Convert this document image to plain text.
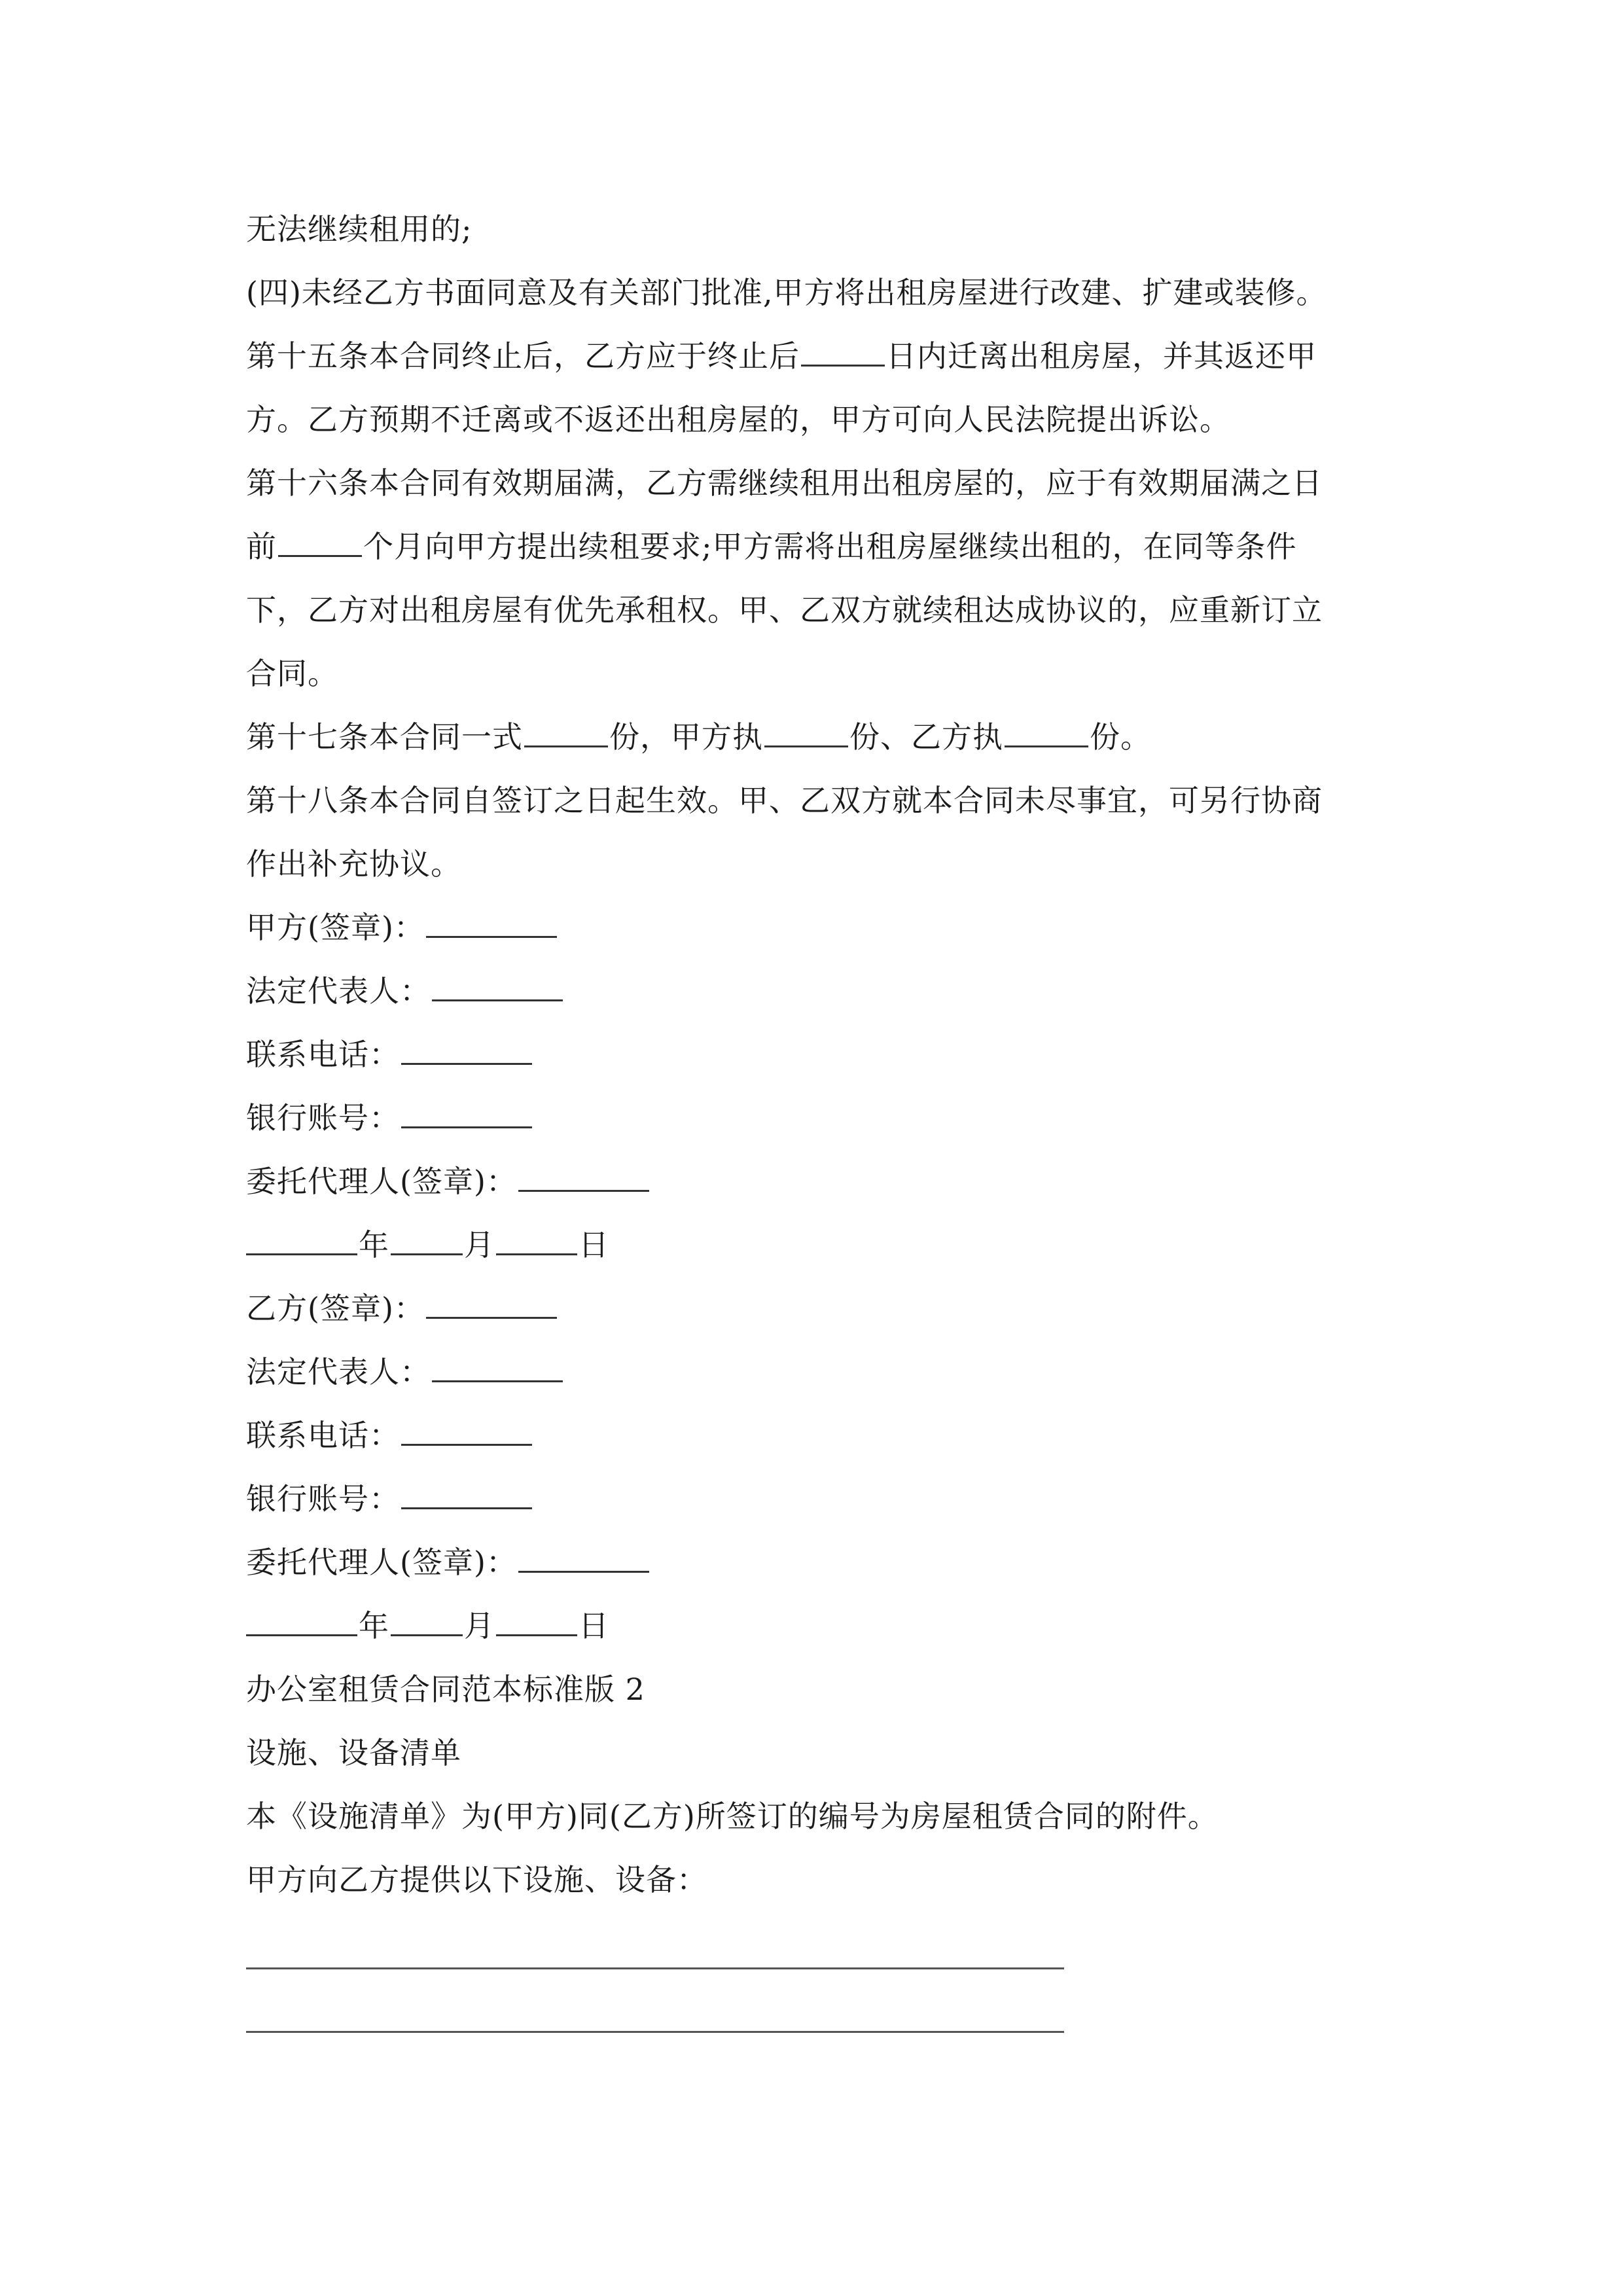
无法继续租用的;
(四)未经乙方书面同意及有关部门批准,甲方将出租房屋进行改建、扩建或装修。
第十五条本合同终止后，乙方应于终止后	日内迁离出租房屋，并其返还甲
方。乙方预期不迁离或不返还出租房屋的，甲方可向人民法院提出诉讼。
第十六条本合同有效期届满，乙方需继续租用出租房屋的，应于有效期届满之日
前	个月向甲方提出续租要求;甲方需将出租房屋继续出租的，在同等条件
下，乙方对出租房屋有优先承租权。甲、乙双方就续租达成协议的，应重新订立
合同。
第十七条本合同一式	份，甲方执	份、乙方执	份。
第十八条本合同自签订之日起生效。甲、乙双方就本合同未尽事宜，可另行协商
作出补充协议。
甲方(签章)：
法定代表人：
联系电话：
银行账号：
委托代理人(签章)：
年 月	日
乙方(签章)：
法定代表人：
联系电话：
银行账号：
委托代理人(签章)：
年 月	日
办公室租赁合同范本标准版 2
设施、设备清单
本《设施清单》为(甲方)同(乙方)所签订的编号为房屋租赁合同的附件。
甲方向乙方提供以下设施、设备：
